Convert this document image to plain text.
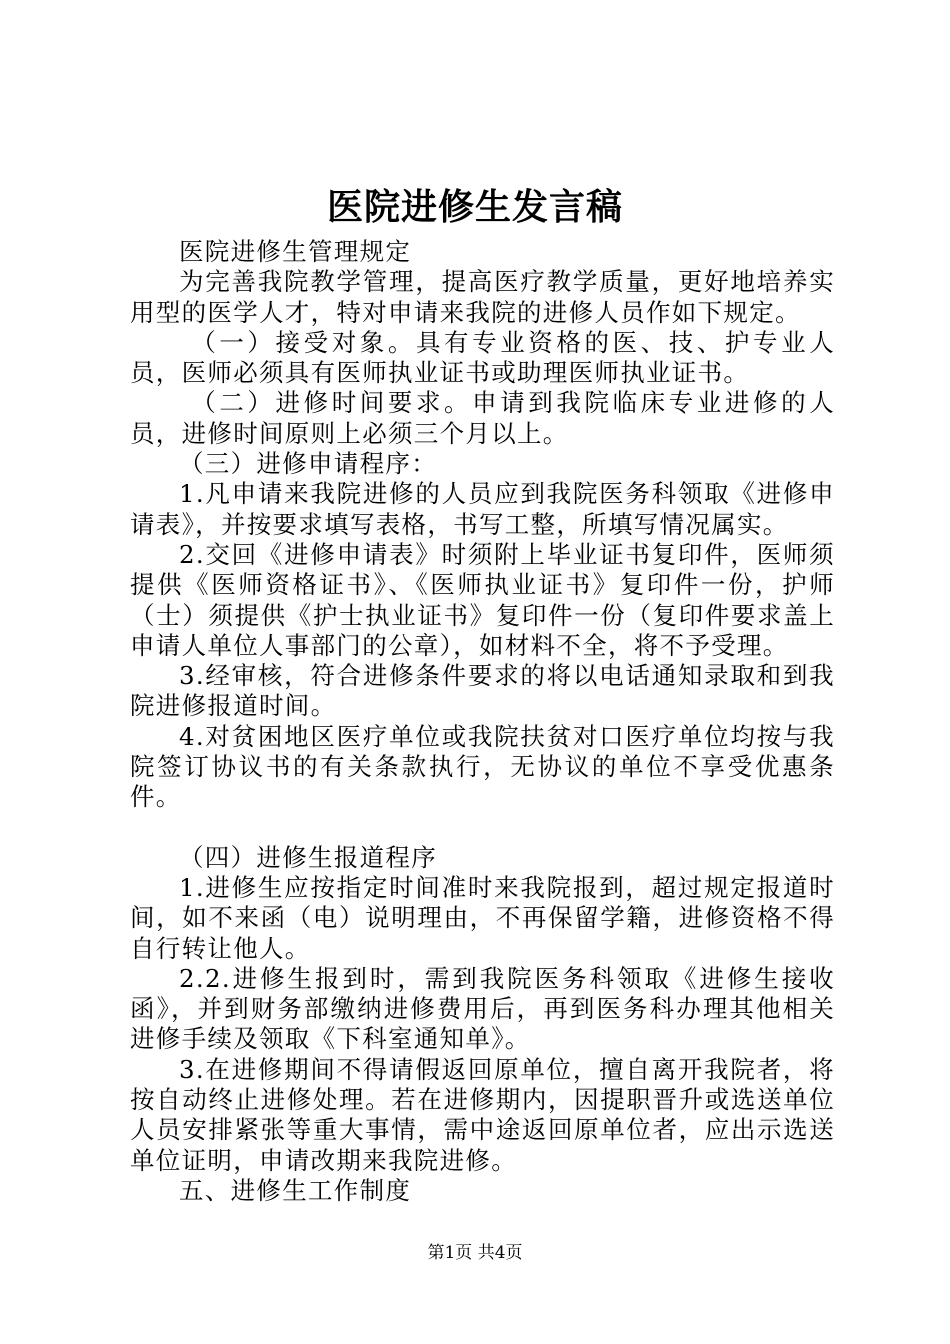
医院进修生发言稿

医院进修生管理规定

为完善我院教学管理，提高医疗教学质量，更好地培养实用型的医学人才，特对申请来我院的进修人员作如下规定。

（一）接受对象。具有专业资格的医、技、护专业人员，医师必须具有医师执业证书或助理医师执业证书。

（二）进修时间要求。申请到我院临床专业进修的人员，进修时间原则上必须三个月以上。

（三）进修申请程序：

1.凡申请来我院进修的人员应到我院医务科领取《进修申请表》，并按要求填写表格，书写工整，所填写情况属实。

2.交回《进修申请表》时须附上毕业证书复印件，医师须提供《医师资格证书》、《医师执业证书》复印件一份，护师（士）须提供《护士执业证书》复印件一份（复印件要求盖上申请人单位人事部门的公章），如材料不全，将不予受理。

3.经审核，符合进修条件要求的将以电话通知录取和到我院进修报道时间。

4.对贫困地区医疗单位或我院扶贫对口医疗单位均按与我院签订协议书的有关条款执行，无协议的单位不享受优惠条件。

（四）进修生报道程序

1.进修生应按指定时间准时来我院报到，超过规定报道时间，如不来函（电）说明理由，不再保留学籍，进修资格不得自行转让他人。

2.2.进修生报到时，需到我院医务科领取《进修生接收函》，并到财务部缴纳进修费用后，再到医务科办理其他相关进修手续及领取《下科室通知单》。

3.在进修期间不得请假返回原单位，擅自离开我院者，将按自动终止进修处理。若在进修期内，因提职晋升或选送单位人员安排紧张等重大事情，需中途返回原单位者，应出示选送单位证明，申请改期来我院进修。

五、进修生工作制度

第1页 共4页
